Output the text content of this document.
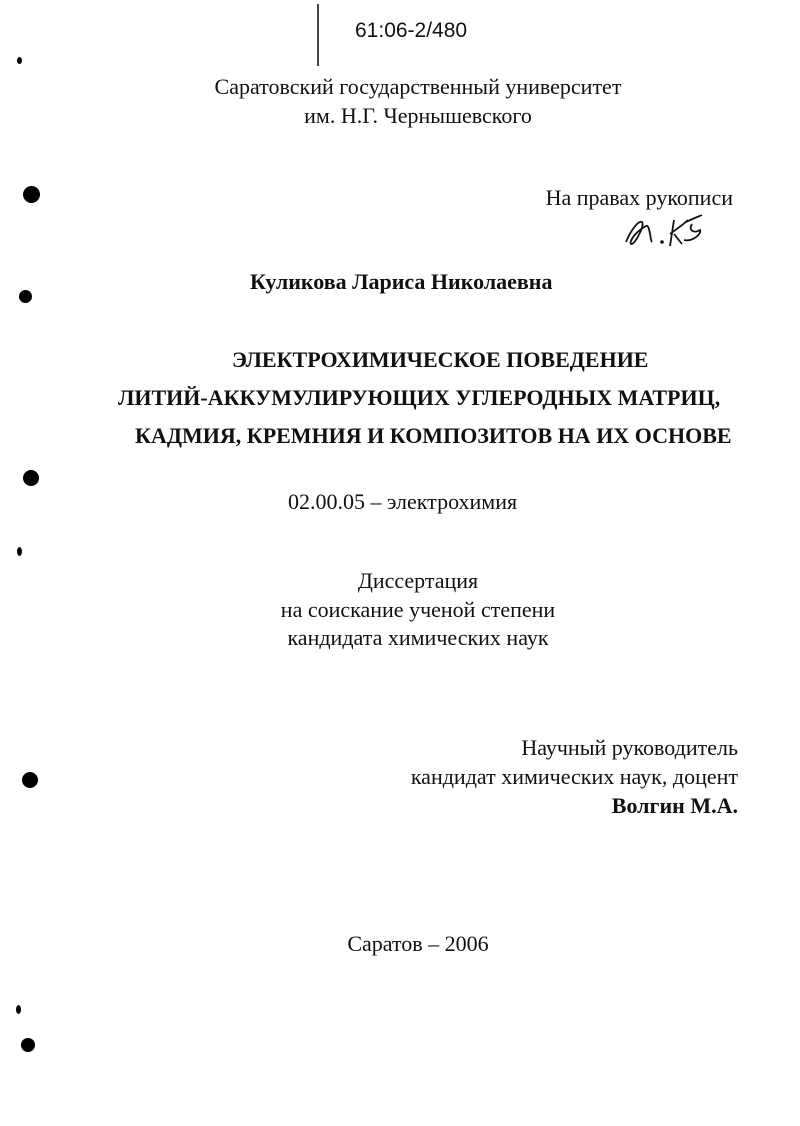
61:06-2/480
Саратовский государственный университет
им. Н.Г. Чернышевского
На правах рукописи
Куликова Лариса Николаевна
ЭЛЕКТРОХИМИЧЕСКОЕ ПОВЕДЕНИЕ
ЛИТИЙ-АККУМУЛИРУЮЩИХ УГЛЕРОДНЫХ МАТРИЦ,
КАДМИЯ, КРЕМНИЯ И КОМПОЗИТОВ НА ИХ ОСНОВЕ
02.00.05 – электрохимия
Диссертация
на соискание ученой степени
кандидата химических наук
Научный руководитель
кандидат химических наук, доцент
Волгин М.А.
Саратов – 2006
